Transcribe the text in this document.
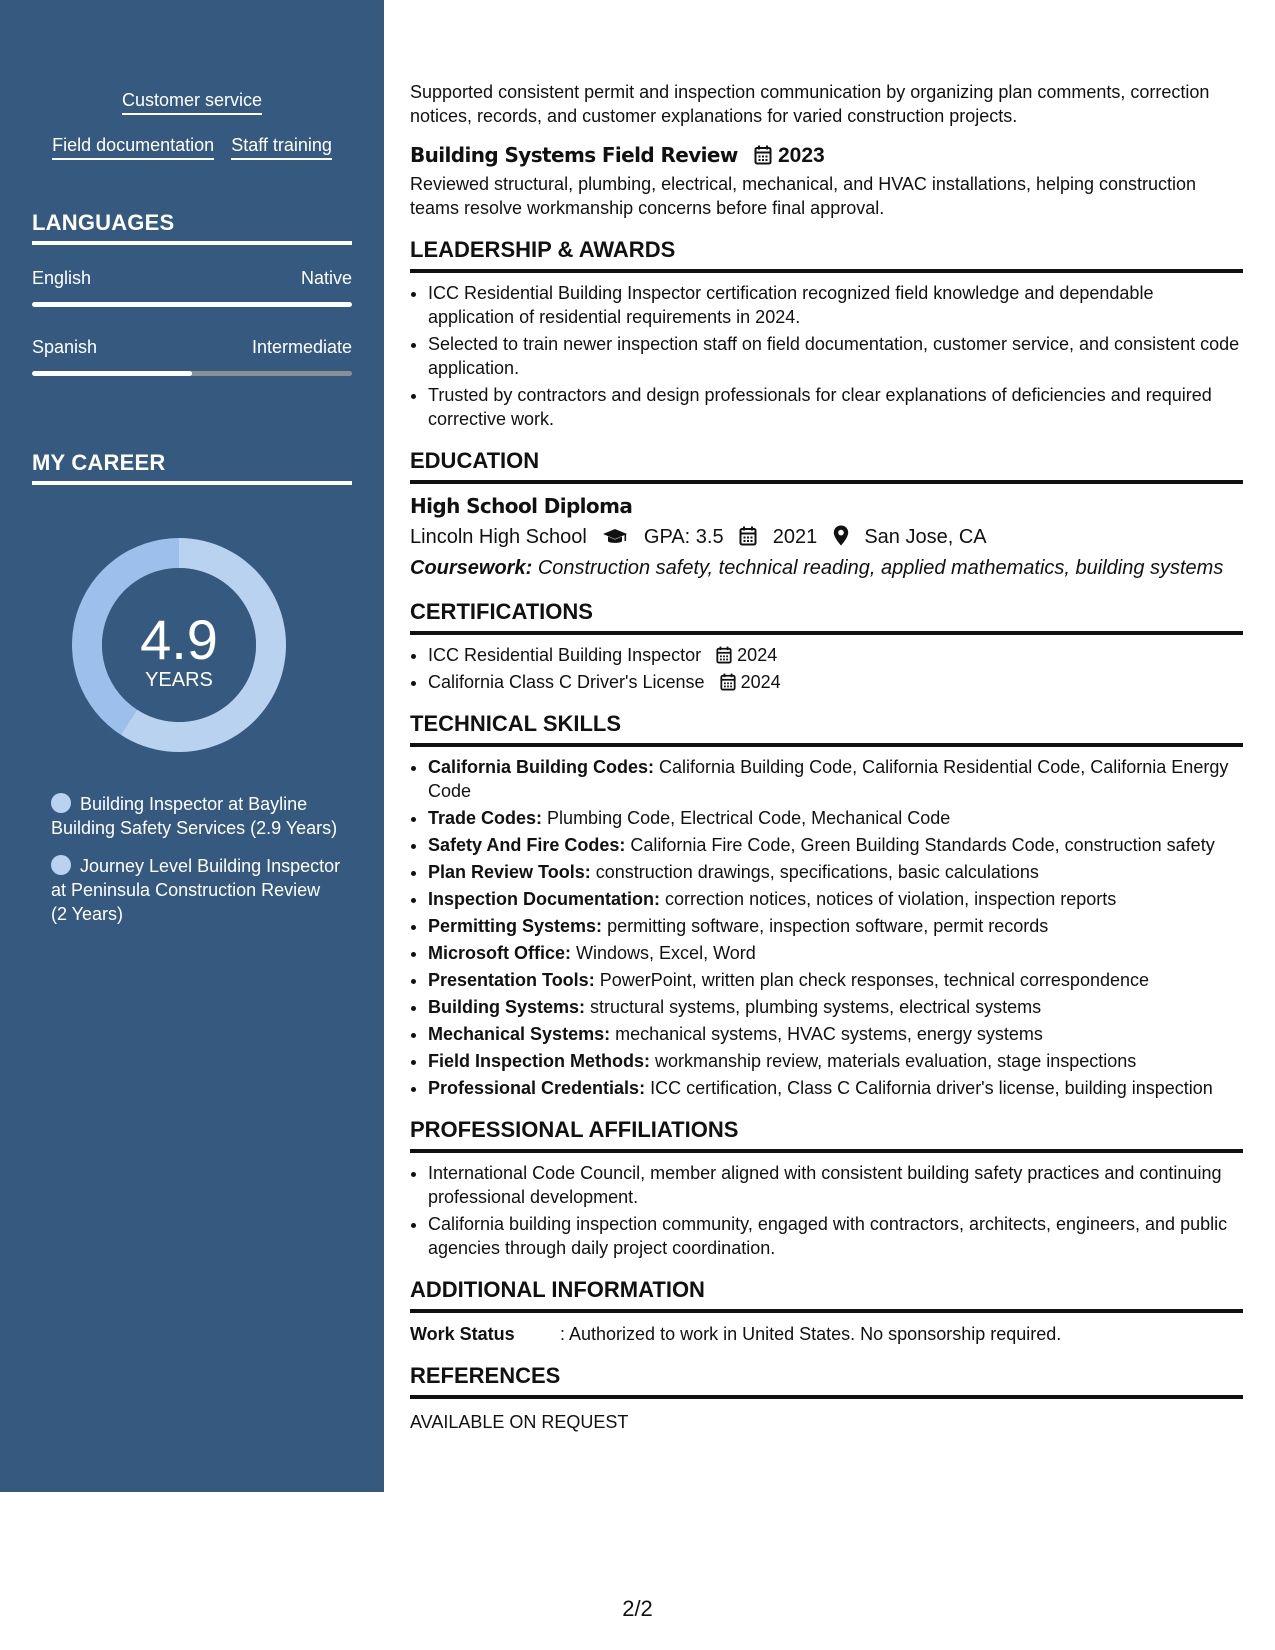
Customer service
Field documentation Staff training
LANGUAGES
English	Native
Spanish	Intermediate
MY CAREER
4.9
YEARS
Building Inspector at Bayline Building Safety Services (2.9 Years)
Journey Level Building Inspector at Peninsula Construction Review (2 Years)

Supported consistent permit and inspection communication by organizing plan comments, correction notices, records, and customer explanations for varied construction projects.

Building Systems Field Review 2023

Reviewed structural, plumbing, electrical, mechanical, and HVAC installations, helping construction teams resolve workmanship concerns before final approval.

LEADERSHIP & AWARDS
• ICC Residential Building Inspector certification recognized field knowledge and dependable application of residential requirements in 2024.
• Selected to train newer inspection staff on field documentation, customer service, and consistent code application.
• Trusted by contractors and design professionals for clear explanations of deficiencies and required corrective work.
EDUCATION
High School Diploma
Lincoln High School	GPA: 3.5 2021 San Jose, CA
Coursework: Construction safety, technical reading, applied mathematics, building systems
CERTIFICATIONS
• ICC Residential Building Inspector 2024
• California Class C Driver's License 2024
TECHNICAL SKILLS
• California Building Codes: California Building Code, California Residential Code, California Energy Code
• Trade Codes: Plumbing Code, Electrical Code, Mechanical Code
• Safety And Fire Codes: California Fire Code, Green Building Standards Code, construction safety
• Plan Review Tools: construction drawings, specifications, basic calculations
• Inspection Documentation: correction notices, notices of violation, inspection reports
• Permitting Systems: permitting software, inspection software, permit records
• Microsoft Office: Windows, Excel, Word
• Presentation Tools: PowerPoint, written plan check responses, technical correspondence
• Building Systems: structural systems, plumbing systems, electrical systems
• Mechanical Systems: mechanical systems, HVAC systems, energy systems
• Field Inspection Methods: workmanship review, materials evaluation, stage inspections
• Professional Credentials: ICC certification, Class C California driver's license, building inspection
PROFESSIONAL AFFILIATIONS
• International Code Council, member aligned with consistent building safety practices and continuing professional development.
• California building inspection community, engaged with contractors, architects, engineers, and public agencies through daily project coordination.
ADDITIONAL INFORMATION
Work Status	: Authorized to work in United States. No sponsorship required.
REFERENCES
AVAILABLE ON REQUEST
2/2
